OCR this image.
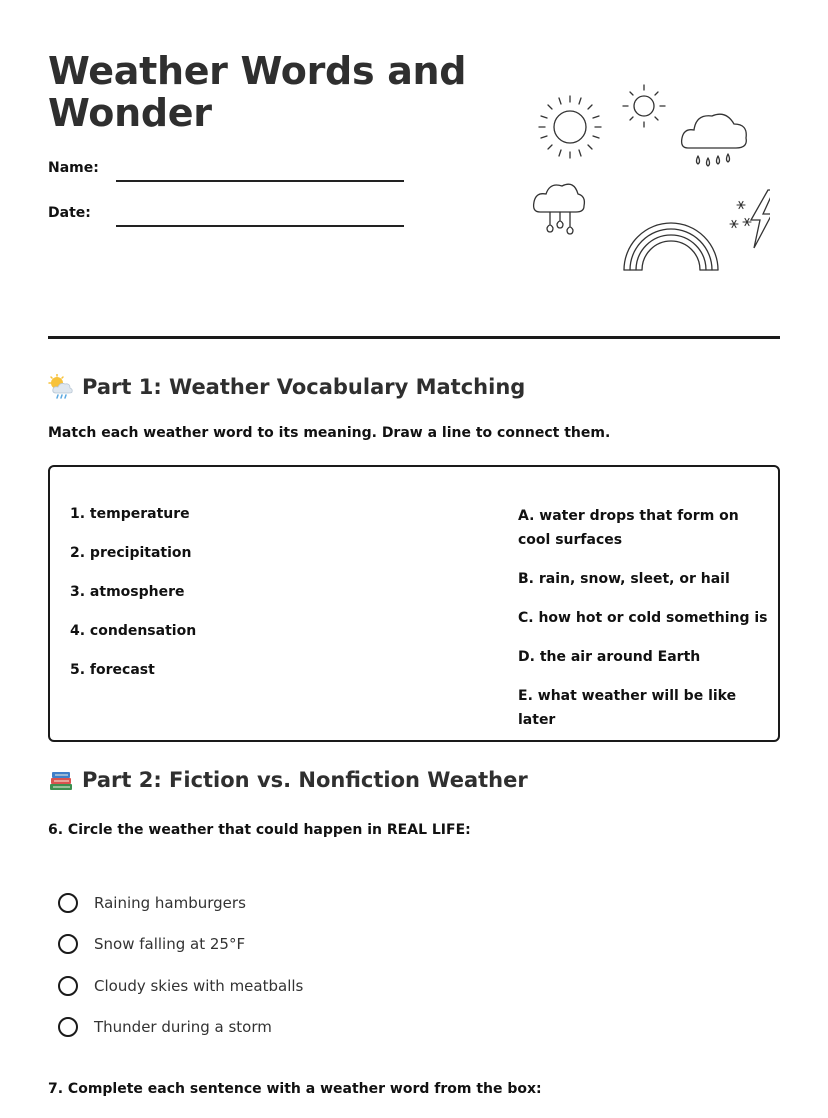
Weather Words and
Wonder
Name:
Date:
Part 1: Weather Vocabulary Matching
Match each weather word to its meaning. Draw a line to connect them.
1. temperature
2. precipitation
3. atmosphere
4. condensation
5. forecast
A. water drops that form on cool surfaces
B. rain, snow, sleet, or hail
C. how hot or cold something is
D. the air around Earth
E. what weather will be like later
Part 2: Fiction vs. Nonfiction Weather
6. Circle the weather that could happen in REAL LIFE:
Raining hamburgers
Snow falling at 25°F
Cloudy skies with meatballs
Thunder during a storm
7. Complete each sentence with a weather word from the box:
